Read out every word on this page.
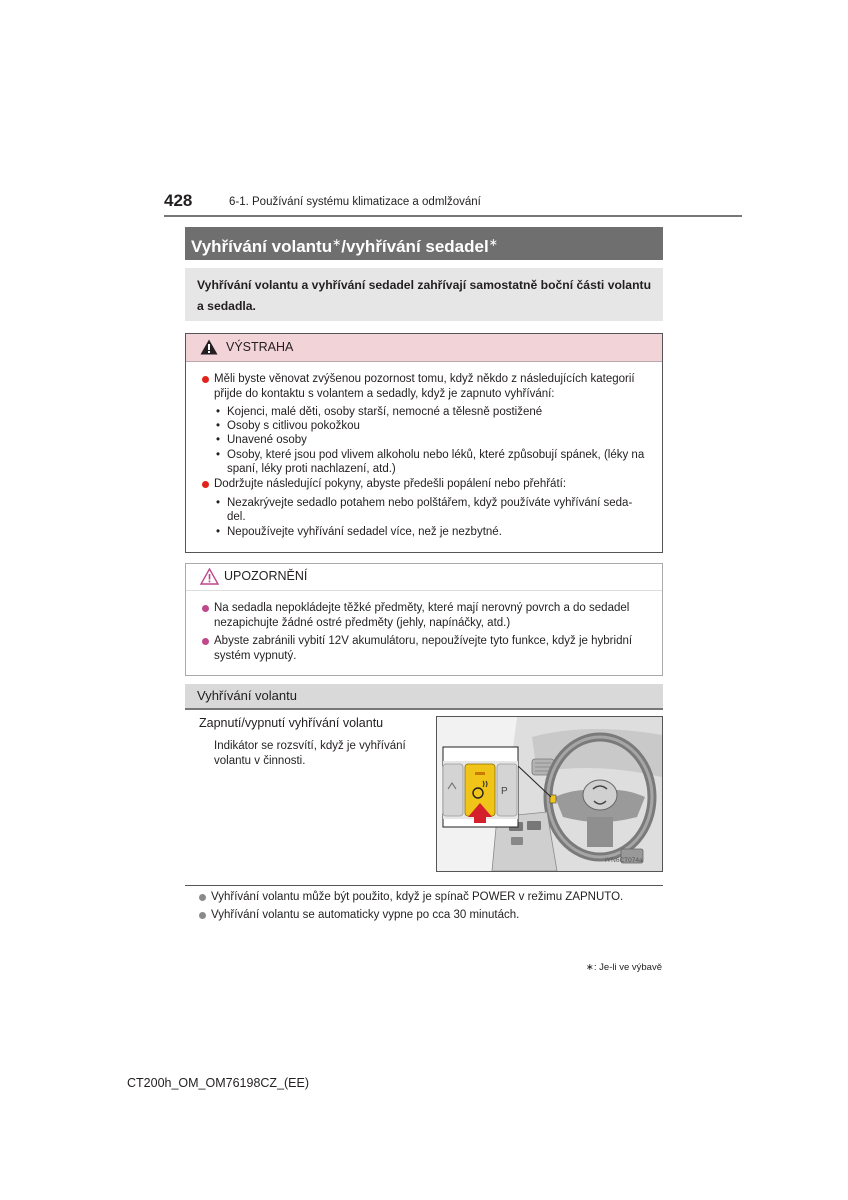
428	6-1. Používání systému klimatizace a odmlžování
Vyhřívání volantu∗/vyhřívání sedadel∗
Vyhřívání volantu a vyhřívání sedadel zahřívají samostatně boční části volantu
a sedadla.
VÝSTRAHA
Měli byste věnovat zvýšenou pozornost tomu, když někdo z následujících kategorií
přijde do kontaktu s volantem a sedadly, když je zapnuto vyhřívání:
• Kojenci, malé děti, osoby starší, nemocné a tělesně postižené
• Osoby s citlivou pokožkou
• Unavené osoby
• Osoby, které jsou pod vlivem alkoholu nebo léků, které způsobují spánek, (léky na
spaní, léky proti nachlazení, atd.)
Dodržujte následující pokyny, abyste předešli popálení nebo přehřátí:
• Nezakrývejte sedadlo potahem nebo polštářem, když používáte vyhřívání seda-
del.
• Nepoužívejte vyhřívání sedadel více, než je nezbytné.
UPOZORNĚNÍ
Na sedadla nepokládejte těžké předměty, které mají nerovný povrch a do sedadel
nezapichujte žádné ostré předměty (jehly, napínáčky, atd.)
Abyste zabránili vybití 12V akumulátoru, nepoužívejte tyto funkce, když je hybridní
systém vypnutý.
Vyhřívání volantu
Zapnutí/vypnutí vyhřívání volantu
Indikátor se rozsvítí, když je vyhřívání
volantu v činnosti.
P
IYN6CT074a
Vyhřívání volantu může být použito, když je spínač POWER v režimu ZAPNUTO.
Vyhřívání volantu se automaticky vypne po cca 30 minutách.
∗: Je-li ve výbavě
CT200h_OM_OM76198CZ_(EE)
